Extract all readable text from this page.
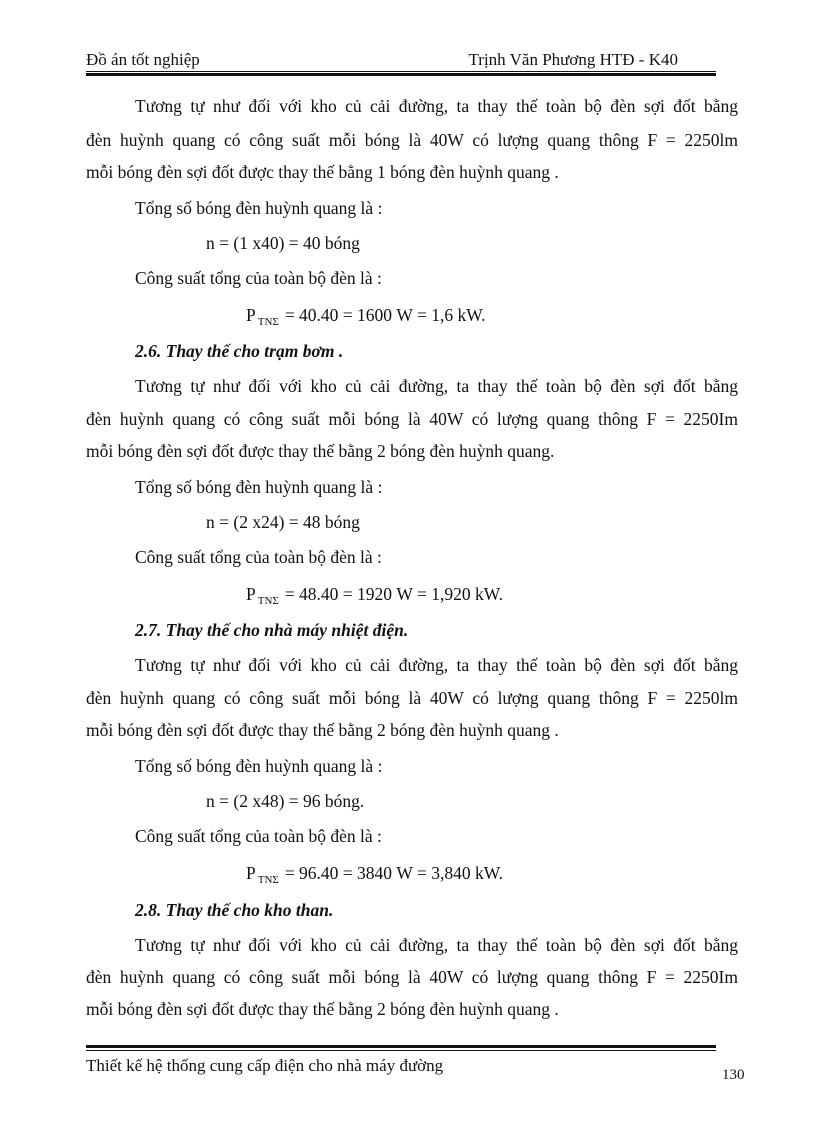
Đồ án tốt nghiệp	Trịnh Văn Phương HTĐ - K40
Tương tự như đối với kho củ cải đường, ta thay thế toàn bộ đèn sợi đốt bằng
đèn huỳnh quang có công suất mỗi bóng là 40W có lượng quang thông F = 2250lm
mỗi bóng đèn sợi đốt được thay thế bằng 1 bóng đèn huỳnh quang .
Tổng số bóng đèn huỳnh quang là :
n = (1 x40) = 40 bóng
Công suất tổng của toàn bộ đèn là :
P $_{TN\Sigma}$ = 40.40 = 1600 W = 1,6 kW.
2.6. Thay thế cho trạm bơm .
Tương tự như đối với kho củ cải đường, ta thay thế toàn bộ đèn sợi đốt bằng
đèn huỳnh quang có công suất mỗi bóng là 40W có lượng quang thông F = 2250Im
mỗi bóng đèn sợi đốt được thay thế bằng 2 bóng đèn huỳnh quang.
Tổng số bóng đèn huỳnh quang là :
n = (2 x24) = 48 bóng
Công suất tổng của toàn bộ đèn là :
P $_{TN\Sigma}$ = 48.40 = 1920 W = 1,920 kW.
2.7. Thay thế cho nhà máy nhiệt điện.
Tương tự như đối với kho củ cải đường, ta thay thế toàn bộ đèn sợi đốt bằng
đèn huỳnh quang có công suất mỗi bóng là 40W có lượng quang thông F = 2250lm
mỗi bóng đèn sợi đốt được thay thế bằng 2 bóng đèn huỳnh quang .
Tổng số bóng đèn huỳnh quang là :
n = (2 x48) = 96 bóng.
Công suất tổng của toàn bộ đèn là :
P $_{TN\Sigma}$ = 96.40 = 3840 W = 3,840 kW.
2.8. Thay thế cho kho than.
Tương tự như đối với kho củ cải đường, ta thay thế toàn bộ đèn sợi đốt bằng
đèn huỳnh quang có công suất mỗi bóng là 40W có lượng quang thông F = 2250Im
mỗi bóng đèn sợi đốt được thay thế bằng 2 bóng đèn huỳnh quang .
Thiết kế hệ thống cung cấp điện cho nhà máy đường	130
